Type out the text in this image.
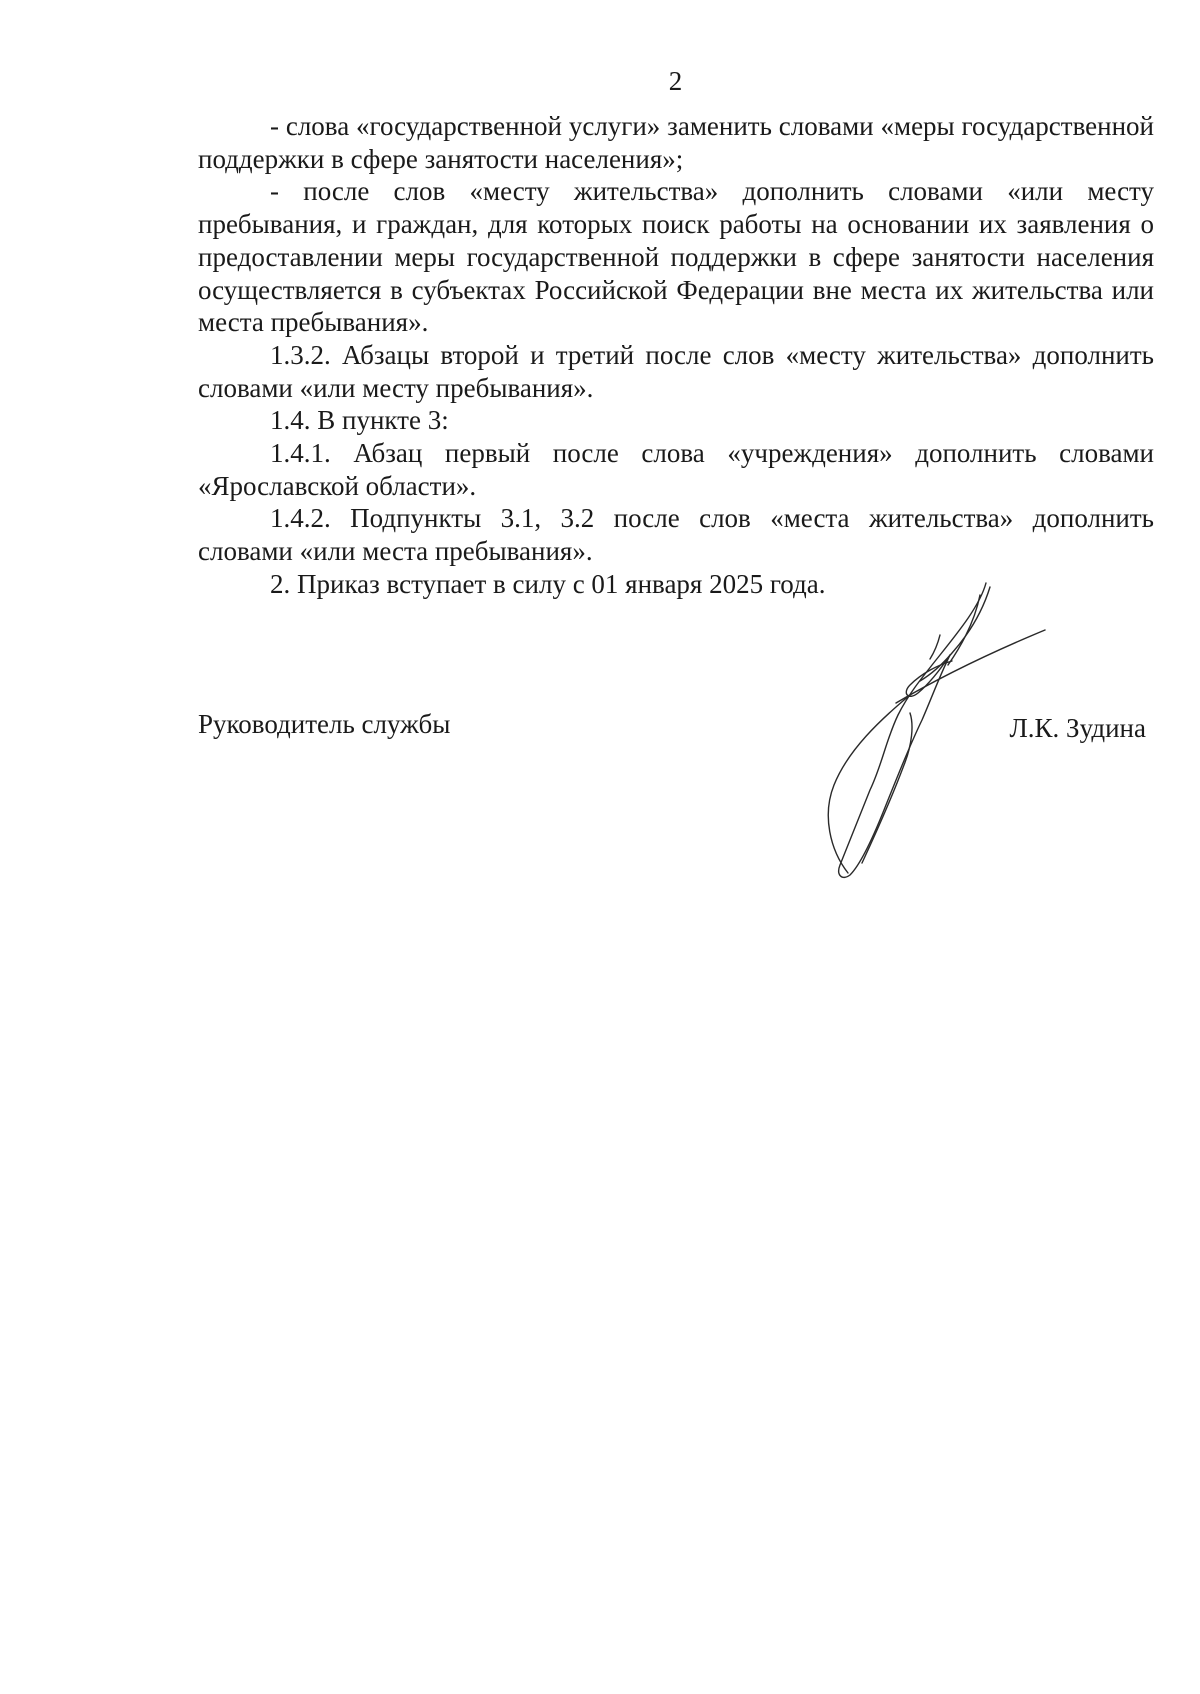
2

- слова «государственной услуги» заменить словами «меры государственной поддержки в сфере занятости населения»;

- после слов «месту жительства» дополнить словами «или месту пребывания, и граждан, для которых поиск работы на основании их заявления о предоставлении меры государственной поддержки в сфере занятости населения осуществляется в субъектах Российской Федерации вне места их жительства или места пребывания».

1.3.2. Абзацы второй и третий после слов «месту жительства» дополнить словами «или месту пребывания».

1.4. В пункте 3:

1.4.1. Абзац первый после слова «учреждения» дополнить словами «Ярославской области».

1.4.2. Подпункты 3.1, 3.2 после слов «места жительства» дополнить словами «или места пребывания».

2. Приказ вступает в силу с 01 января 2025 года.

Руководитель службы	Л.К. Зудина
